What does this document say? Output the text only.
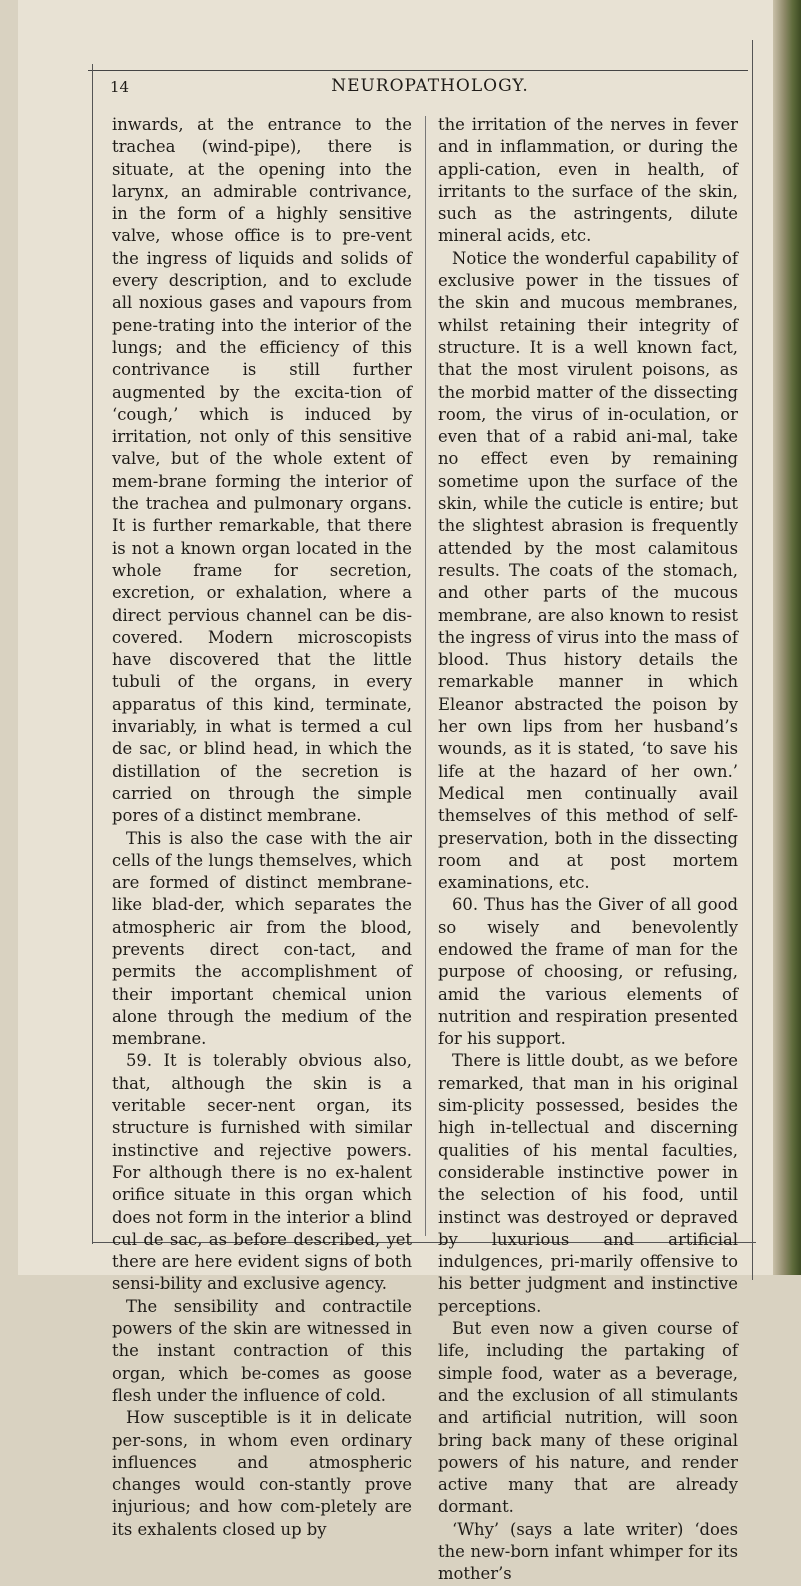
14	NEUROPATHOLOGY.

inwards, at the entrance to the trachea (wind-pipe), there is situate, at the opening into the larynx, an admirable contrivance, in the form of a highly sensitive valve, whose office is to pre-vent the ingress of liquids and solids of every description, and to exclude all noxious gases and vapours from pene-trating into the interior of the lungs; and the efficiency of this contrivance is still further augmented by the excita-tion of ‘cough,’ which is induced by irritation, not only of this sensitive valve, but of the whole extent of mem-brane forming the interior of the trachea and pulmonary organs. It is further remarkable, that there is not a known organ located in the whole frame for secretion, excretion, or exhalation, where a direct pervious channel can be dis-covered. Modern microscopists have discovered that the little tubuli of the organs, in every apparatus of this kind, terminate, invariably, in what is termed a cul de sac, or blind head, in which the distillation of the secretion is carried on through the simple pores of a distinct membrane.

This is also the case with the air cells of the lungs themselves, which are formed of distinct membrane-like blad-der, which separates the atmospheric air from the blood, prevents direct con-tact, and permits the accomplishment of their important chemical union alone through the medium of the membrane.

59. It is tolerably obvious also, that, although the skin is a veritable secer-nent organ, its structure is furnished with similar instinctive and rejective powers. For although there is no ex-halent orifice situate in this organ which does not form in the interior a blind cul de sac, as before described, yet there are here evident signs of both sensi-bility and exclusive agency.

The sensibility and contractile powers of the skin are witnessed in the instant contraction of this organ, which be-comes as goose flesh under the influence of cold.

How susceptible is it in delicate per-sons, in whom even ordinary influences and atmospheric changes would con-stantly prove injurious; and how com-pletely are its exhalents closed up by

the irritation of the nerves in fever and in inflammation, or during the appli-cation, even in health, of irritants to the surface of the skin, such as the astringents, dilute mineral acids, etc.

Notice the wonderful capability of exclusive power in the tissues of the skin and mucous membranes, whilst retaining their integrity of structure. It is a well known fact, that the most virulent poisons, as the morbid matter of the dissecting room, the virus of in-oculation, or even that of a rabid ani-mal, take no effect even by remaining sometime upon the surface of the skin, while the cuticle is entire; but the slightest abrasion is frequently attended by the most calamitous results. The coats of the stomach, and other parts of the mucous membrane, are also known to resist the ingress of virus into the mass of blood. Thus history details the remarkable manner in which Eleanor abstracted the poison by her own lips from her husband’s wounds, as it is stated, ‘to save his life at the hazard of her own.’ Medical men continually avail themselves of this method of self-preservation, both in the dissecting room and at post mortem examinations, etc.

60. Thus has the Giver of all good so wisely and benevolently endowed the frame of man for the purpose of choosing, or refusing, amid the various elements of nutrition and respiration presented for his support.

There is little doubt, as we before remarked, that man in his original sim-plicity possessed, besides the high in-tellectual and discerning qualities of his mental faculties, considerable instinctive power in the selection of his food, until instinct was destroyed or depraved by luxurious and artificial indulgences, pri-marily offensive to his better judgment and instinctive perceptions.

But even now a given course of life, including the partaking of simple food, water as a beverage, and the exclusion of all stimulants and artificial nutrition, will soon bring back many of these original powers of his nature, and render active many that are already dormant.

‘Why’ (says a late writer) ‘does the new-born infant whimper for its mother’s
